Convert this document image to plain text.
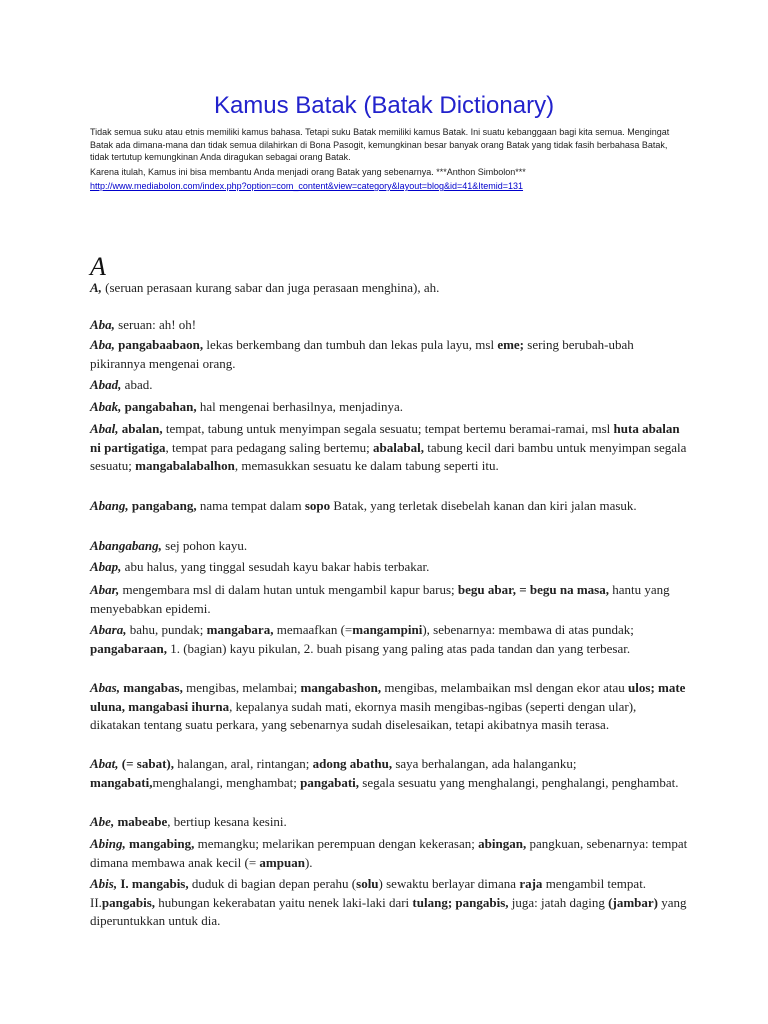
Kamus Batak (Batak Dictionary)

Tidak semua suku atau etnis memiliki kamus bahasa. Tetapi suku Batak memiliki kamus Batak. Ini suatu kebanggaan bagi kita semua. Mengingat Batak ada dimana-mana dan tidak semua dilahirkan di Bona Pasogit, kemungkinan besar banyak orang Batak yang tidak fasih berbahasa Batak, tidak tertutup kemungkinan Anda diragukan sebagai orang Batak.

Karena itulah, Kamus ini bisa membantu Anda menjadi orang Batak yang sebenarnya. ***Anthon Simbolon***

http://www.mediabolon.com/index.php?option=com_content&view=category&layout=blog&id=41&Itemid=131

A

A, (seruan perasaan kurang sabar dan juga perasaan menghina), ah.

Aba, seruan: ah! oh!

Aba, pangabaabaon, lekas berkembang dan tumbuh dan lekas pula layu, msl eme; sering berubah-ubah pikirannya mengenai orang.

Abad, abad.

Abak, pangabahan, hal mengenai berhasilnya, menjadinya.

Abal, abalan, tempat, tabung untuk menyimpan segala sesuatu; tempat bertemu beramai-ramai, msl huta abalan ni partigatiga, tempat para pedagang saling bertemu; abalabal, tabung kecil dari bambu untuk menyimpan segala sesuatu; mangabalabalhon, memasukkan sesuatu ke dalam tabung seperti itu.

Abang, pangabang, nama tempat dalam sopo Batak, yang terletak disebelah kanan dan kiri jalan masuk.

Abangabang, sej pohon kayu.

Abap, abu halus, yang tinggal sesudah kayu bakar habis terbakar.

Abar, mengembara msl di dalam hutan untuk mengambil kapur barus; begu abar, = begu na masa, hantu yang menyebabkan epidemi.

Abara, bahu, pundak; mangabara, memaafkan (=mangampini), sebenarnya: membawa di atas pundak; pangabaraan, 1. (bagian) kayu pikulan, 2. buah pisang yang paling atas pada tandan dan yang terbesar.

Abas, mangabas, mengibas, melambai; mangabashon, mengibas, melambaikan msl dengan ekor atau ulos; mate uluna, mangabasi ihurna, kepalanya sudah mati, ekornya masih mengibas-ngibas (seperti dengan ular), dikatakan tentang suatu perkara, yang sebenarnya sudah diselesaikan, tetapi akibatnya masih terasa.

Abat, (= sabat), halangan, aral, rintangan; adong abathu, saya berhalangan, ada halanganku; mangabati,menghalangi, menghambat; pangabati, segala sesuatu yang menghalangi, penghalangi, penghambat.

Abe, mabeabe, bertiup kesana kesini.

Abing, mangabing, memangku; melarikan perempuan dengan kekerasan; abingan, pangkuan, sebenarnya: tempat dimana membawa anak kecil (= ampuan).

Abis, I. mangabis, duduk di bagian depan perahu (solu) sewaktu berlayar dimana raja mengambil tempat. II.pangabis, hubungan kekerabatan yaitu nenek laki-laki dari tulang; pangabis, juga: jatah daging (jambar) yang diperuntukkan untuk dia.
